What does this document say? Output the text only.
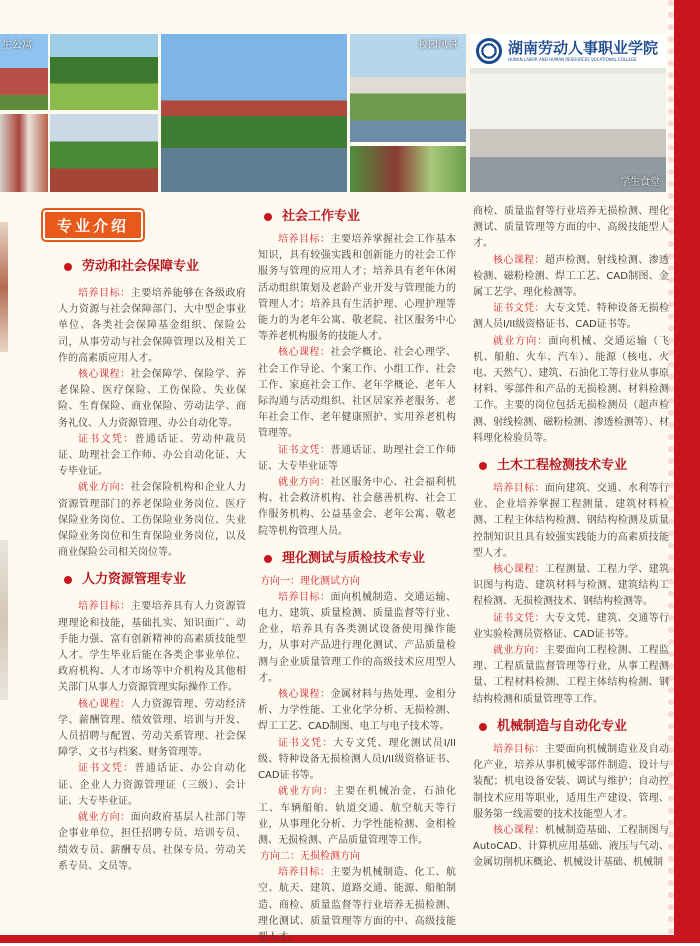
生公寓	校园风景
学生食堂
湖南劳动人事职业学院
HUNAN LABOR AND HUMAN RESOURCES VOCATIONAL COLLEGE
专业介绍
劳动和社会保障专业

培养目标：主要培养能够在各级政府人力资源与社会保障部门、大中型企事业单位、各类社会保障基金组织、保险公司，从事劳动与社会保障管理以及相关工作的高素质应用人才。

核心课程：社会保障学、保险学、养老保险、医疗保险、工伤保险、失业保险、生育保险、商业保险、劳动法学、商务礼仪、人力资源管理、办公自动化等。

证书文凭：普通话证、劳动仲裁员证、助理社会工作师、办公自动化证、大专毕业证。

就业方向：社会保险机构和企业人力资源管理部门的养老保险业务岗位、医疗保险业务岗位、工伤保险业务岗位、失业保险业务岗位和生育保险业务岗位，以及商业保险公司相关岗位等。

人力资源管理专业

培养目标：主要培养具有人力资源管理理论和技能，基础扎实、知识面广、动手能力强、富有创新精神的高素质技能型人才。学生毕业后能在各类企事业单位、政府机构、人才市场等中介机构及其他相关部门从事人力资源管理实际操作工作。

核心课程：人力资源管理、劳动经济学、薪酬管理、绩效管理、培训与开发、人员招聘与配置、劳动关系管理、社会保障学、文书与档案、财务管理等。

证书文凭：普通话证、办公自动化证、企业人力资源管理证（三级）、会计证、大专毕业证。

就业方向：面向政府基层人社部门等企事业单位，担任招聘专员、培训专员、绩效专员、薪酬专员、社保专员、劳动关系专员、文员等。

社会工作专业

培养目标：主要培养掌握社会工作基本知识，具有较强实践和创新能力的社会工作服务与管理的应用人才；培养具有老年休闲活动组织策划及老龄产业开发与管理能力的管理人才；培养具有生活护理、心理护理等能力的为老年公寓、敬老院、社区服务中心等养老机构服务的技能人才。

核心课程：社会学概论、社会心理学、社会工作导论、个案工作、小组工作、社会工作、家庭社会工作、老年学概论、老年人际沟通与活动组织、社区居家养老服务、老年社会工作、老年健康照护、实用养老机构管理等。

证书文凭：普通话证、助理社会工作师证、大专毕业证等

就业方向：社区服务中心、社会福利机构、社会救济机构、社会慈善机构、社会工作服务机构、公益基金会、老年公寓、敬老院等机构管理人员。

理化测试与质检技术专业

方向一：理化测试方向

培养目标：面向机械制造、交通运输、电力、建筑、质量检测、质量监督等行业、企业，培养具有各类测试设备使用操作能力，从事对产品进行理化测试、产品质量检测与企业质量管理工作的高级技术应用型人才。

核心课程：金属材料与热处理、金相分析、力学性能、工业化学分析、无损检测、焊工工艺、CAD制图、电工与电子技术等。

证书文凭：大专文凭、理化测试员I/II级、特种设备无损检测人员I/II级资格证书、CAD证书等。

就业方向：主要在机械冶金、石油化工、车辆船舶、轨道交通、航空航天等行业，从事理化分析、力学性能检测、金相检测、无损检测、产品质量管理等工作。

方向二：无损检测方向

培养目标：主要为机械制造、化工、航空、航天、建筑、道路交通、能源、船舶制造、商检、质量监督等行业培养无损检测、理化测试、质量管理等方面的中、高级技能型人才。

商检、质量监督等行业培养无损检测、理化测试、质量管理等方面的中、高级技能型人才。

核心课程：超声检测、射线检测、渗透检测、磁粉检测、焊工工艺、CAD制图、金属工艺学、理化检测等。

证书文凭：大专文凭、特种设备无损检测人员I/II级资格证书、CAD证书等。

就业方向：面向机械、交通运输（飞机、船舶、火车、汽车）、能源（核电、火电、天然气）、建筑、石油化工等行业从事原材料、零部件和产品的无损检测、材料检测工作。主要的岗位包括无损检测员（超声检测、射线检测、磁粉检测、渗透检测等）、材料理化检验员等。

土木工程检测技术专业

培养目标：面向建筑、交通、水利等行业、企业培养掌握工程测量、建筑材料检测、工程主体结构检测、钢结构检测及质量控制知识且具有较强实践能力的高素质技能型人才。

核心课程：工程测量、工程力学、建筑识图与构造、建筑材料与检测、建筑结构工程检测、无损检测技术、钢结构检测等。

证书文凭：大专文凭、建筑、交通等行业实验检测员资格证、CAD证书等。

就业方向：主要面向工程检测、工程监理、工程质量监督管理等行业，从事工程测量、工程材料检测、工程主体结构检测、钢结构检测和质量管理等工作。

机械制造与自动化专业

培养目标：主要面向机械制造业及自动化产业，培养从事机械零部件制造、设计与装配；机电设备安装、调试与维护；自动控制技术应用等职业，适用生产建设、管理、服务第一线需要的技术技能型人才。

核心课程：机械制造基础、工程制图与AutoCAD、计算机应用基础、液压与气动、金属切削机床概论、机械设计基础、机械制
